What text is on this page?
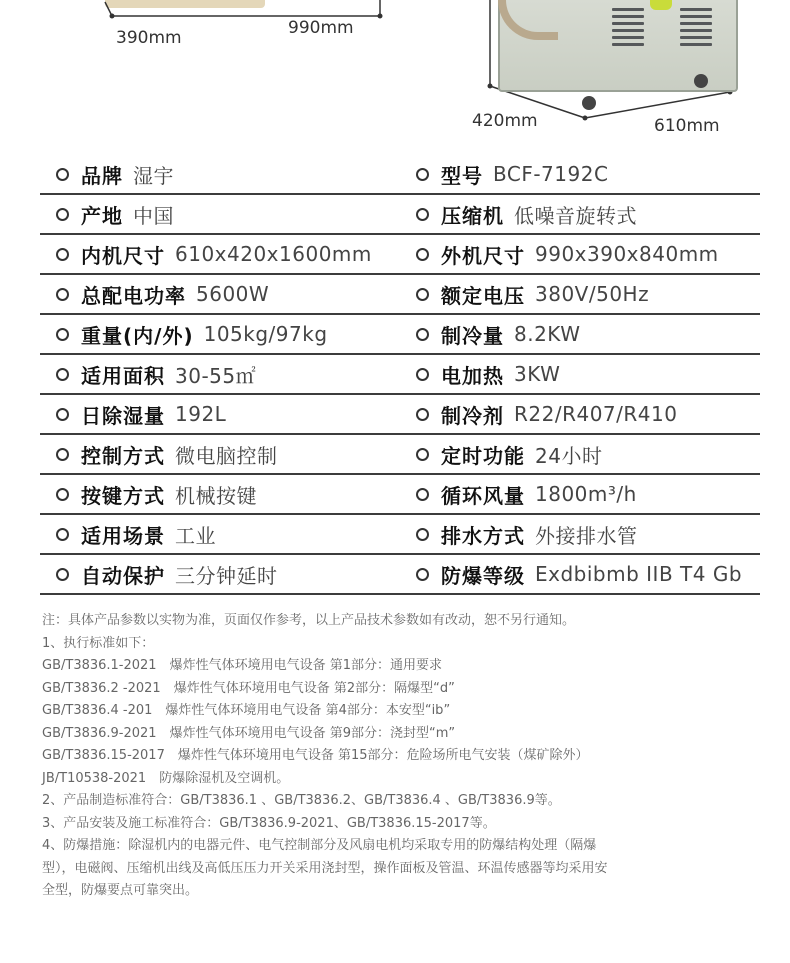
390mm	990mm
420mm	610mm
品牌 湿宇	型号 BCF-7192C
产地 中国	压缩机 低噪音旋转式
内机尺寸 610x420x1600mm	外机尺寸 990x390x840mm
总配电功率 5600W	额定电压 380V/50Hz
重量(内/外) 105kg/97kg	制冷量 8.2KW
适用面积 30-55㎡	电加热 3KW
日除湿量 192L	制冷剂 R22/R407/R410
控制方式 微电脑控制	定时功能 24小时
按键方式 机械按键	循环风量 1800m³/h
适用场景 工业	排水方式 外接排水管
自动保护 三分钟延时	防爆等级 Exdbibmb IIB T4 Gb

注：具体产品参数以实物为准，页面仅作参考，以上产品技术参数如有改动，恕不另行通知。

1、执行标准如下：

GB/T3836.1-2021　爆炸性气体环境用电气设备 第1部分：通用要求

GB/T3836.2 -2021　爆炸性气体环境用电气设备 第2部分：隔爆型“d”

GB/T3836.4 -201　爆炸性气体环境用电气设备 第4部分：本安型“ib”

GB/T3836.9-2021　爆炸性气体环境用电气设备 第9部分：浇封型“m”

GB/T3836.15-2017　爆炸性气体环境用电气设备 第15部分：危险场所电气安装（煤矿除外）

JB/T10538-2021　防爆除湿机及空调机。

2、产品制造标准符合：GB/T3836.1 、GB/T3836.2、GB/T3836.4 、GB/T3836.9等。

3、产品安装及施工标准符合：GB/T3836.9-2021、GB/T3836.15-2017等。

4、防爆措施：除湿机内的电器元件、电气控制部分及风扇电机均采取专用的防爆结构处理（隔爆

型），电磁阀、压缩机出线及高低压压力开关采用浇封型，操作面板及管温、环温传感器等均采用安

全型，防爆要点可靠突出。
